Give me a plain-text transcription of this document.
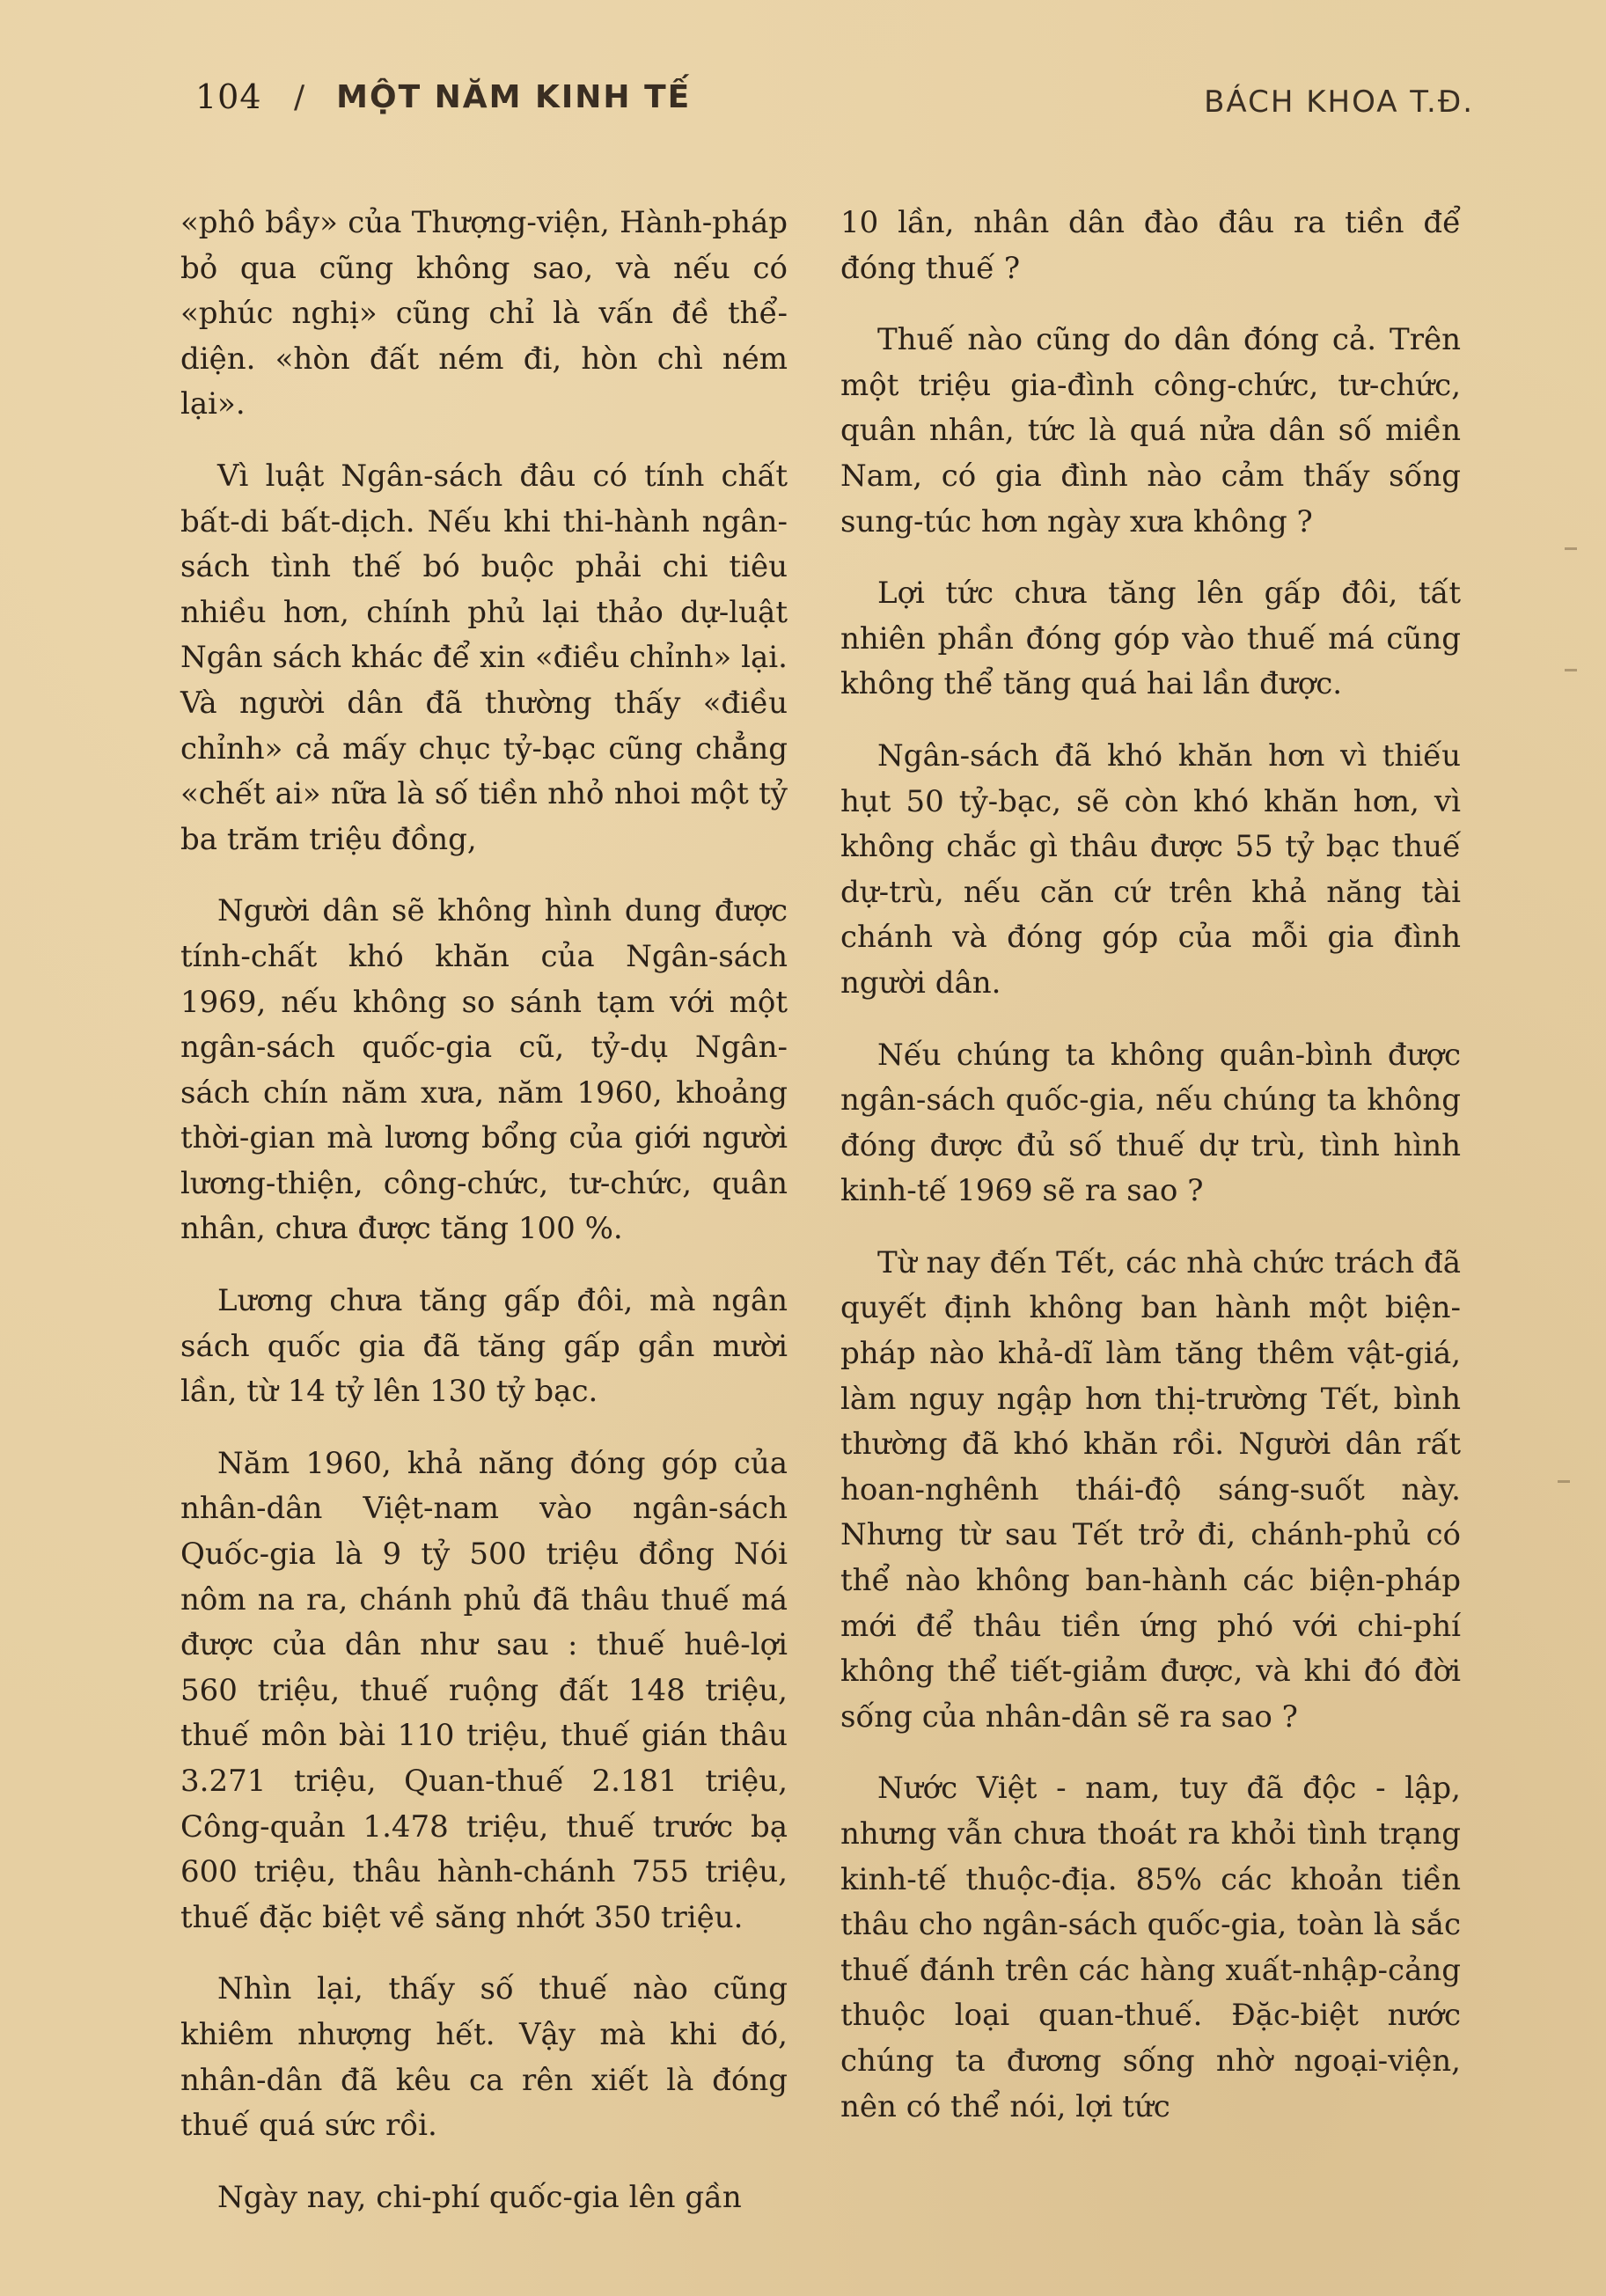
104 / MỘT NĂM KINH TẾ	BÁCH KHOA T.Đ.

«phô bầy» của Thượng-viện, Hành-pháp bỏ qua cũng không sao, và nếu có «phúc nghị» cũng chỉ là vấn đề thể-diện. «hòn đất ném đi, hòn chì ném lại».

Vì luật Ngân-sách đâu có tính chất bất-di bất-dịch. Nếu khi thi-hành ngân-sách tình thế bó buộc phải chi tiêu nhiều hơn, chính phủ lại thảo dự-luật Ngân sách khác để xin «điều chỉnh» lại. Và người dân đã thường thấy «điều chỉnh» cả mấy chục tỷ-bạc cũng chẳng «chết ai» nữa là số tiền nhỏ nhoi một tỷ ba trăm triệu đồng,

Người dân sẽ không hình dung được tính-chất khó khăn của Ngân-sách 1969, nếu không so sánh tạm với một ngân-sách quốc-gia cũ, tỷ-dụ Ngân-sách chín năm xưa, năm 1960, khoảng thời-gian mà lương bổng của giới người lương-thiện, công-chức, tư-chức, quân nhân, chưa được tăng 100 %.

Lương chưa tăng gấp đôi, mà ngân sách quốc gia đã tăng gấp gần mười lần, từ 14 tỷ lên 130 tỷ bạc.

Năm 1960, khả năng đóng góp của nhân-dân Việt-nam vào ngân-sách Quốc-gia là 9 tỷ 500 triệu đồng Nói nôm na ra, chánh phủ đã thâu thuế má được của dân như sau : thuế huê-lợi 560 triệu, thuế ruộng đất 148 triệu, thuế môn bài 110 triệu, thuế gián thâu 3.271 triệu, Quan-thuế 2.181 triệu, Công-quản 1.478 triệu, thuế trước bạ 600 triệu, thâu hành-chánh 755 triệu, thuế đặc biệt về săng nhớt 350 triệu.

Nhìn lại, thấy số thuế nào cũng khiêm nhượng hết. Vậy mà khi đó, nhân-dân đã kêu ca rên xiết là đóng thuế quá sức rồi.

Ngày nay, chi-phí quốc-gia lên gần

10 lần, nhân dân đào đâu ra tiền để đóng thuế ?

Thuế nào cũng do dân đóng cả. Trên một triệu gia-đình công-chức, tư-chức, quân nhân, tức là quá nửa dân số miền Nam, có gia đình nào cảm thấy sống sung-túc hơn ngày xưa không ?

Lợi tức chưa tăng lên gấp đôi, tất nhiên phần đóng góp vào thuế má cũng không thể tăng quá hai lần được.

Ngân-sách đã khó khăn hơn vì thiếu hụt 50 tỷ-bạc, sẽ còn khó khăn hơn, vì không chắc gì thâu được 55 tỷ bạc thuế dự-trù, nếu căn cứ trên khả năng tài chánh và đóng góp của mỗi gia đình người dân.

Nếu chúng ta không quân-bình được ngân-sách quốc-gia, nếu chúng ta không đóng được đủ số thuế dự trù, tình hình kinh-tế 1969 sẽ ra sao ?

Từ nay đến Tết, các nhà chức trách đã quyết định không ban hành một biện-pháp nào khả-dĩ làm tăng thêm vật-giá, làm nguy ngập hơn thị-trường Tết, bình thường đã khó khăn rồi. Người dân rất hoan-nghênh thái-độ sáng-suốt này. Nhưng từ sau Tết trở đi, chánh-phủ có thể nào không ban-hành các biện-pháp mới để thâu tiền ứng phó với chi-phí không thể tiết-giảm được, và khi đó đời sống của nhân-dân sẽ ra sao ?

Nước Việt - nam, tuy đã độc - lập, nhưng vẫn chưa thoát ra khỏi tình trạng kinh-tế thuộc-địa. 85% các khoản tiền thâu cho ngân-sách quốc-gia, toàn là sắc thuế đánh trên các hàng xuất-nhập-cảng thuộc loại quan-thuế. Đặc-biệt nước chúng ta đương sống nhờ ngoại-viện, nên có thể nói, lợi tức
